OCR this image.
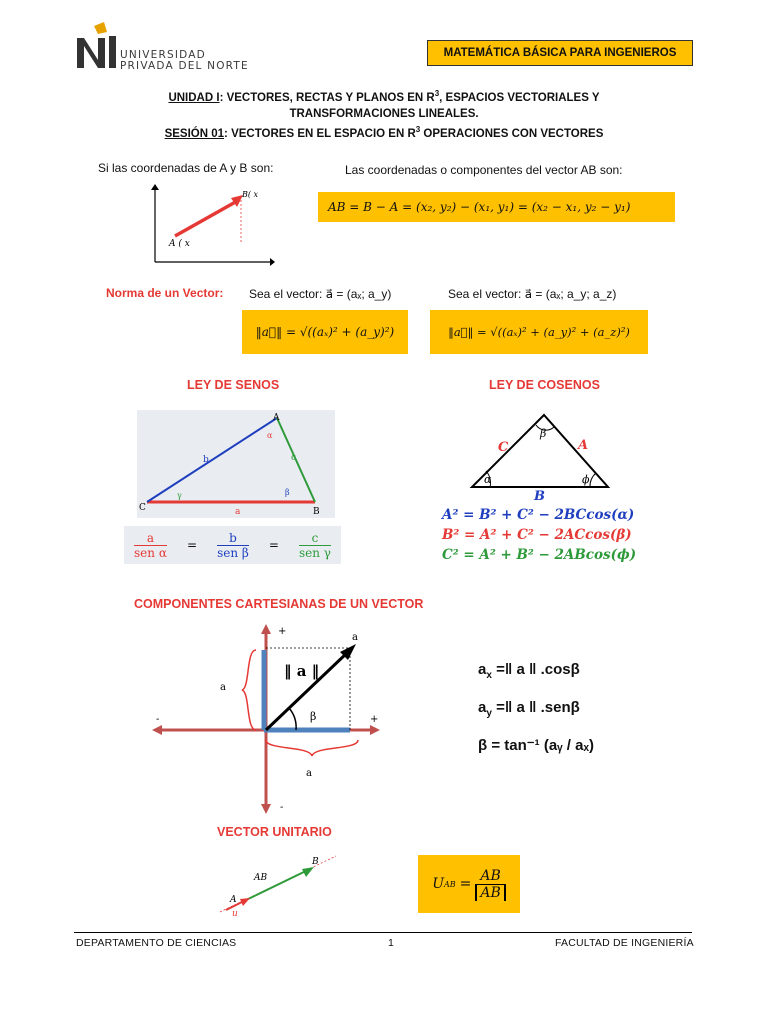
UNIVERSIDAD
PRIVADA DEL NORTE
MATEMÁTICA BÁSICA PARA INGENIEROS
UNIDAD I: VECTORES, RECTAS Y PLANOS EN $R^3$, ESPACIOS VECTORIALES Y
TRANSFORMACIONES LINEALES.
SESIÓN 01: VECTORES EN EL ESPACIO EN $R^3$ OPERACIONES CON VECTORES
Si las coordenadas de A y B son:	Las coordenadas o componentes del vector AB son:
A ( x
B( x
AB = B − A = (x₂, y₂) − (x₁, y₁) = (x₂ − x₁, y₂ − y₁)
Norma de un Vector: Sea el vector: a⃗ = (aₓ; a_y)	Sea el vector: a⃗ = (aₓ; a_y; a_z)
‖a⃗‖ = √((aₓ)² + (a_y)²)	‖a⃗‖ = √((aₓ)² + (a_y)² + (a_z)²)
LEY DE SENOS
C	B
A
γ
α
β
b	c
a
a
sen α
=
b
sen β
=
c
sen γ
LEY DE COSENOS
α	ϕ
β
C	A
B
A² = B² + C² − 2BCcos(α)
B² = A² + C² − 2ACcos(β)
C² = A² + B² − 2ABcos(ϕ)
COMPONENTES CARTESIANAS DE UN VECTOR
‖ a ‖
β
+
+
-
-
a
a
a
$a_x$ =‖ a ‖ .cosβ
$a_y$ =‖ a ‖ .senβ
β = tan⁻¹ (aᵧ / aₓ)
VECTOR UNITARIO
A
B
AB
u
U AB = $\frac{AB}{AB}$
DEPARTAMENTO DE CIENCIAS	1	FACULTAD DE INGENIERÍA
